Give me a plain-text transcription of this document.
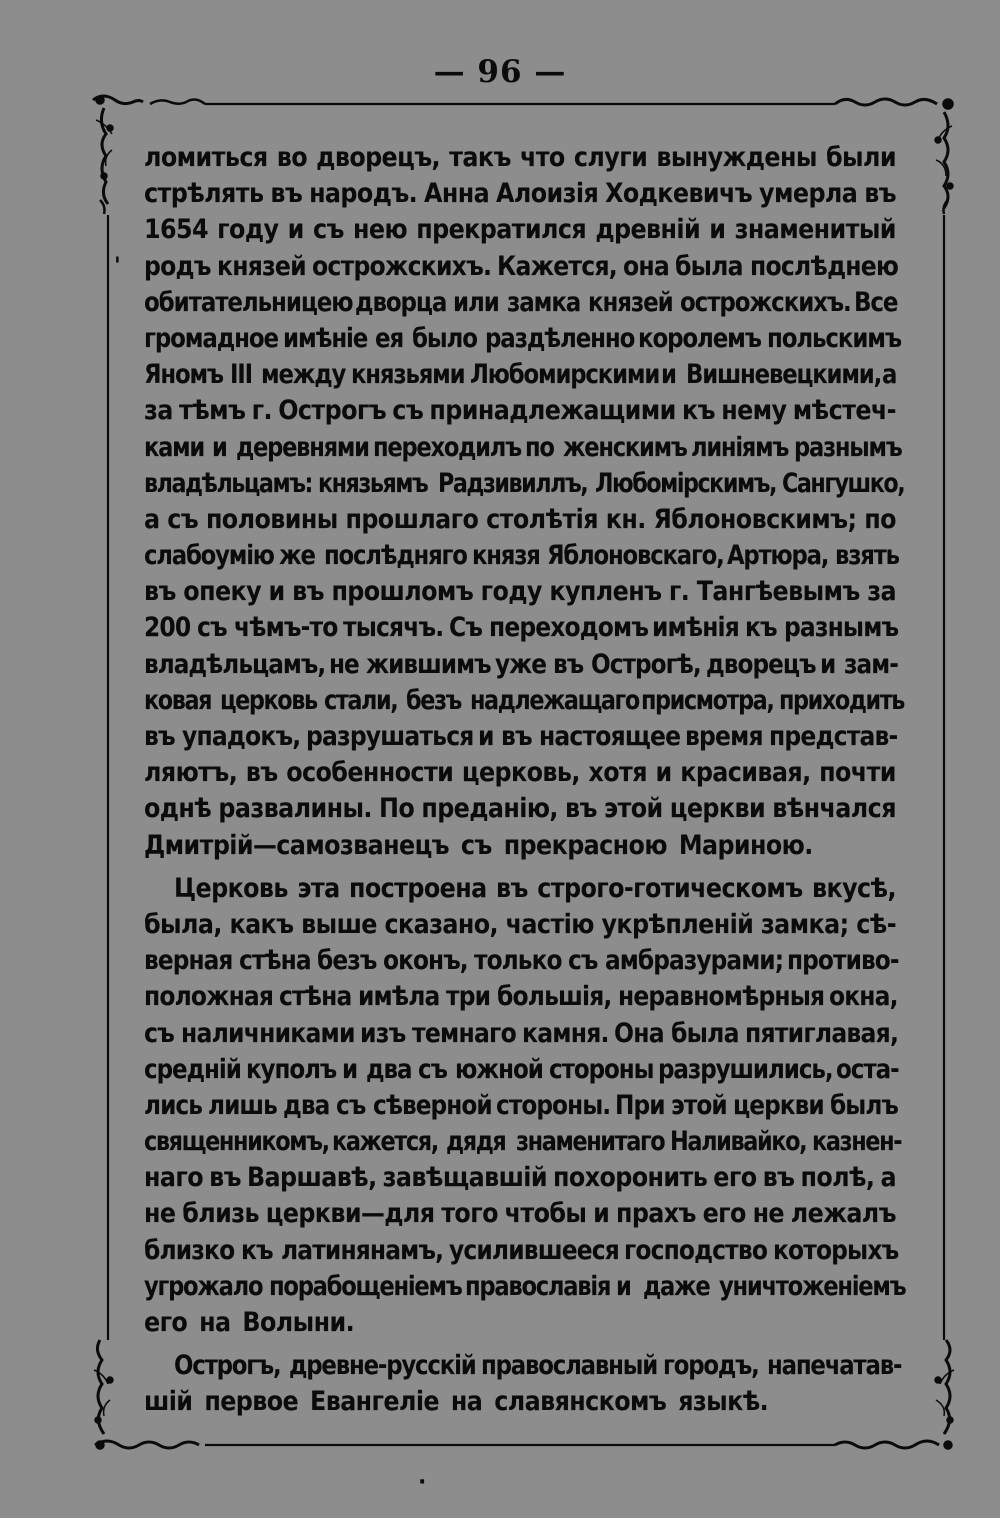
— 96 —
'
·
ломиться во дворецъ, такъ что слуги вынуждены были
стрѣлять въ народъ. Анна Алоизія Ходкевичъ умерла въ
1654 году и съ нею прекратился древній и знаменитый
родъ князей острожскихъ. Кажется, она была послѣднею
обитательницею дворца или замка князей острожскихъ. Все
громадное имѣніе ея было раздѣленно королемъ польскимъ
Яномъ III между князьями Любомирскими и Вишневецкими, а
за тѣмъ г. Острогъ съ принадлежащими къ нему мѣстеч-
ками и деревнями переходилъ по женскимъ линіямъ разнымъ
владѣльцамъ: князьямъ Радзивиллъ, Любомірскимъ, Сангушко,
а съ половины прошлаго столѣтія кн. Яблоновскимъ; по
слабоумію же послѣдняго князя Яблоновскаго, Артюра, взять
въ опеку и въ прошломъ году купленъ г. Тангѣевымъ за
200 съ чѣмъ-то тысячъ. Съ переходомъ имѣнія къ разнымъ
владѣльцамъ, не жившимъ уже въ Острогѣ, дворецъ и зам-
ковая церковь стали, безъ надлежащаго присмотра, приходить
въ упадокъ, разрушаться и въ настоящее время представ-
ляютъ, въ особенности церковь, хотя и красивая, почти
однѣ развалины. По преданію, въ этой церкви вѣнчался
Дмитрій—самозванецъ съ прекрасною Мариною.
Церковь эта построена въ строго-готическомъ вкусѣ,
была, какъ выше сказано, частію укрѣпленій замка; сѣ-
верная стѣна безъ оконъ, только съ амбразурами; противо-
положная стѣна имѣла три большія, неравномѣрныя окна,
съ наличниками изъ темнаго камня. Она была пятиглавая,
средній куполъ и два съ южной стороны разрушились, оста-
лись лишь два съ сѣверной стороны. При этой церкви былъ
священникомъ, кажется, дядя знаменитаго Наливайко, казнен-
наго въ Варшавѣ, завѣщавшій похоронить его въ полѣ, а
не близь церкви—для того чтобы и прахъ его не лежалъ
близко къ латинянамъ, усилившееся господство которыхъ
угрожало порабощеніемъ православія и даже уничтоженіемъ
его на Волыни.
Острогъ, древне-русскій православный городъ, напечатав-
шій первое Евангеліе на славянскомъ языкѣ.
